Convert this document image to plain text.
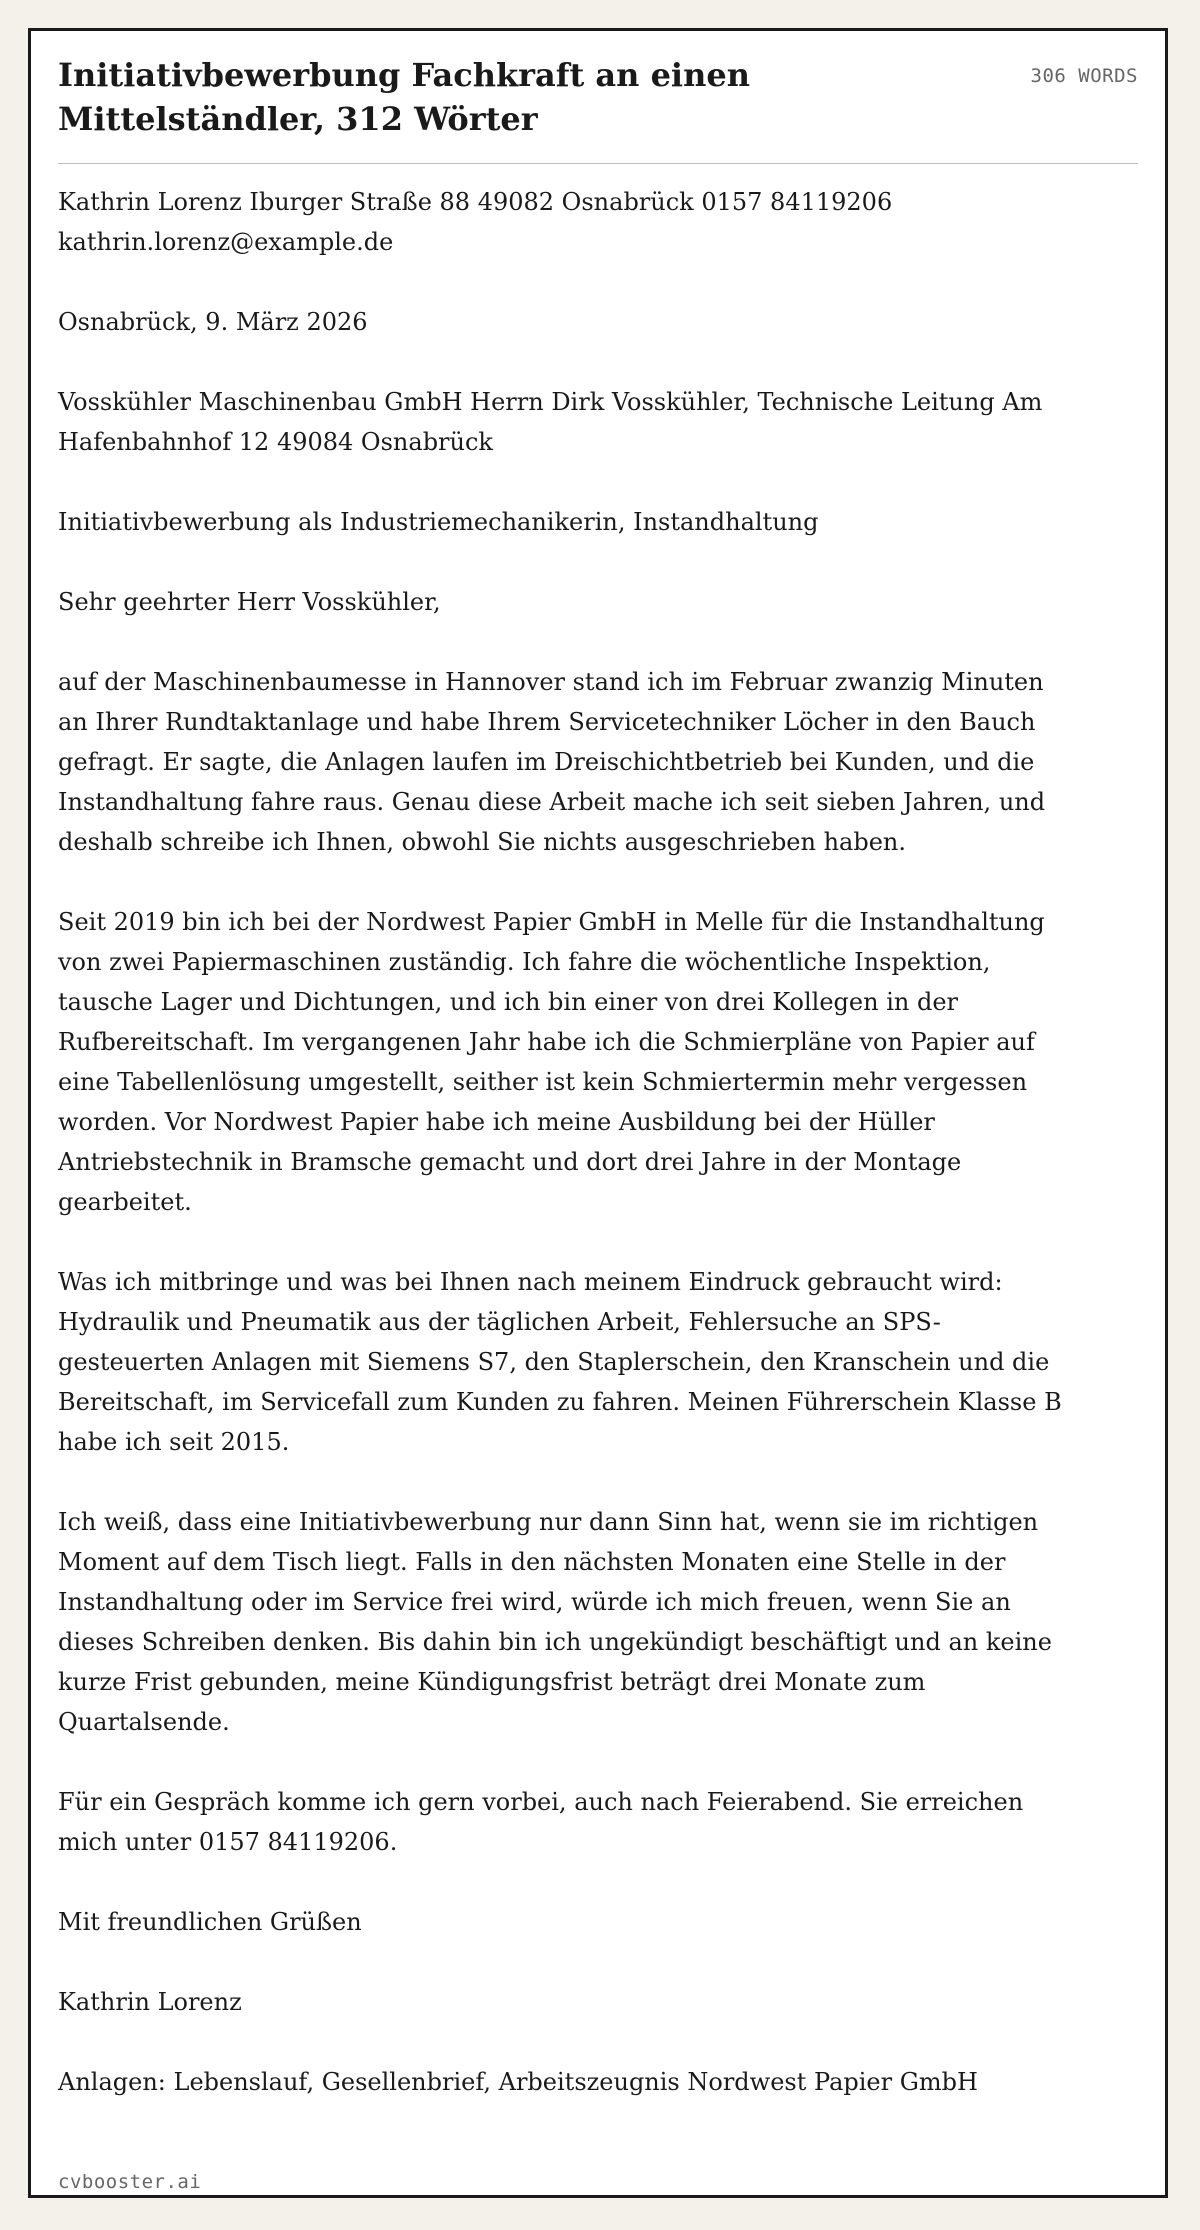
Initiativbewerbung Fachkraft an einen Mittelständler, 312 Wörter
306 WORDS

Kathrin Lorenz Iburger Straße 88 49082 Osnabrück 0157 84119206 kathrin.lorenz@example.de

Osnabrück, 9. März 2026

Vosskühler Maschinenbau GmbH Herrn Dirk Vosskühler, Technische Leitung Am Hafenbahnhof 12 49084 Osnabrück

Initiativbewerbung als Industriemechanikerin, Instandhaltung

Sehr geehrter Herr Vosskühler,

auf der Maschinenbaumesse in Hannover stand ich im Februar zwanzig Minuten an Ihrer Rundtaktanlage und habe Ihrem Servicetechniker Löcher in den Bauch gefragt. Er sagte, die Anlagen laufen im Dreischichtbetrieb bei Kunden, und die Instandhaltung fahre raus. Genau diese Arbeit mache ich seit sieben Jahren, und deshalb schreibe ich Ihnen, obwohl Sie nichts ausgeschrieben haben.

Seit 2019 bin ich bei der Nordwest Papier GmbH in Melle für die Instandhaltung von zwei Papiermaschinen zuständig. Ich fahre die wöchentliche Inspektion, tausche Lager und Dichtungen, und ich bin einer von drei Kollegen in der Rufbereitschaft. Im vergangenen Jahr habe ich die Schmierpläne von Papier auf eine Tabellenlösung umgestellt, seither ist kein Schmiertermin mehr vergessen worden. Vor Nordwest Papier habe ich meine Ausbildung bei der Hüller Antriebstechnik in Bramsche gemacht und dort drei Jahre in der Montage gearbeitet.

Was ich mitbringe und was bei Ihnen nach meinem Eindruck gebraucht wird: Hydraulik und Pneumatik aus der täglichen Arbeit, Fehlersuche an SPS-gesteuerten Anlagen mit Siemens S7, den Staplerschein, den Kranschein und die Bereitschaft, im Servicefall zum Kunden zu fahren. Meinen Führerschein Klasse B habe ich seit 2015.

Ich weiß, dass eine Initiativbewerbung nur dann Sinn hat, wenn sie im richtigen Moment auf dem Tisch liegt. Falls in den nächsten Monaten eine Stelle in der Instandhaltung oder im Service frei wird, würde ich mich freuen, wenn Sie an dieses Schreiben denken. Bis dahin bin ich ungekündigt beschäftigt und an keine kurze Frist gebunden, meine Kündigungsfrist beträgt drei Monate zum Quartalsende.

Für ein Gespräch komme ich gern vorbei, auch nach Feierabend. Sie erreichen mich unter 0157 84119206.

Mit freundlichen Grüßen

Kathrin Lorenz

Anlagen: Lebenslauf, Gesellenbrief, Arbeitszeugnis Nordwest Papier GmbH

cvbooster.ai
